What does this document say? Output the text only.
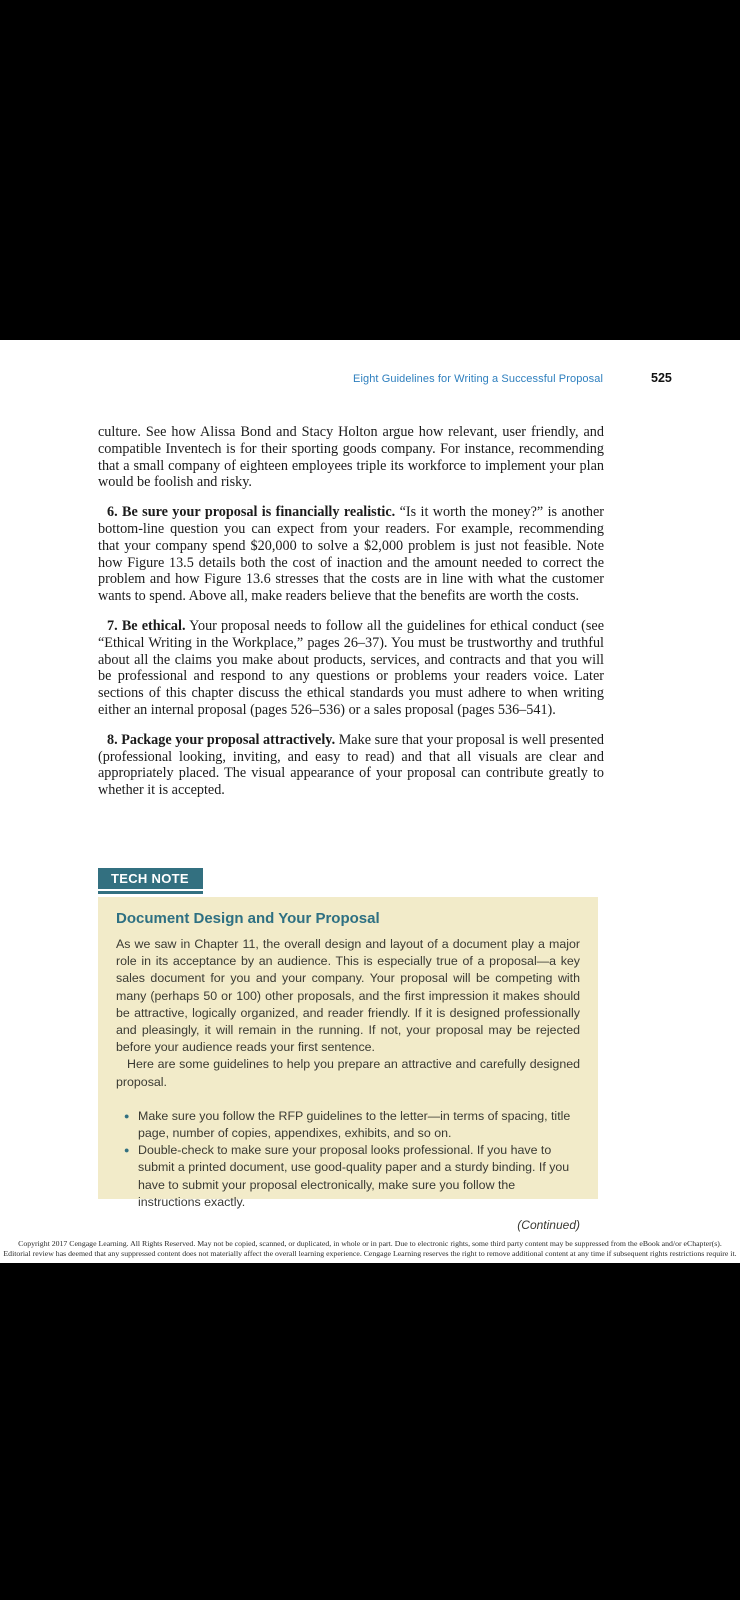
Eight Guidelines for Writing a Successful Proposal	525

culture. See how Alissa Bond and Stacy Holton argue how relevant, user friendly, and compatible Inventech is for their sporting goods company. For instance, recommending that a small company of eighteen employees triple its workforce to implement your plan would be foolish and risky.

6. Be sure your proposal is financially realistic. “Is it worth the money?” is another bottom-line question you can expect from your readers. For example, recommending that your company spend $20,000 to solve a $2,000 problem is just not feasible. Note how Figure 13.5 details both the cost of inaction and the amount needed to correct the problem and how Figure 13.6 stresses that the costs are in line with what the customer wants to spend. Above all, make readers believe that the benefits are worth the costs.

7. Be ethical. Your proposal needs to follow all the guidelines for ethical conduct (see “Ethical Writing in the Workplace,” pages 26–37). You must be trustworthy and truthful about all the claims you make about products, services, and contracts and that you will be professional and respond to any questions or problems your readers voice. Later sections of this chapter discuss the ethical standards you must adhere to when writing either an internal proposal (pages 526–536) or a sales proposal (pages 536–541).

8. Package your proposal attractively. Make sure that your proposal is well presented (professional looking, inviting, and easy to read) and that all visuals are clear and appropriately placed. The visual appearance of your proposal can contribute greatly to whether it is accepted.

TECH NOTE
Document Design and Your Proposal

As we saw in Chapter 11, the overall design and layout of a document play a major role in its acceptance by an audience. This is especially true of a proposal—a key sales document for you and your company. Your proposal will be competing with many (perhaps 50 or 100) other proposals, and the first impression it makes should be attractive, logically organized, and reader friendly. If it is designed professionally and pleasingly, it will remain in the running. If not, your proposal may be rejected before your audience reads your first sentence.

Here are some guidelines to help you prepare an attractive and carefully designed proposal.

● Make sure you follow the RFP guidelines to the letter—in terms of spacing, title page, number of copies, appendixes, exhibits, and so on.
● Double-check to make sure your proposal looks professional. If you have to submit a printed document, use good-quality paper and a sturdy binding. If you have to submit your proposal electronically, make sure you follow the instructions exactly.
(Continued)
Copyright 2017 Cengage Learning. All Rights Reserved. May not be copied, scanned, or duplicated, in whole or in part. Due to electronic rights, some third party content may be suppressed from the eBook and/or eChapter(s).
Editorial review has deemed that any suppressed content does not materially affect the overall learning experience. Cengage Learning reserves the right to remove additional content at any time if subsequent rights restrictions require it.
